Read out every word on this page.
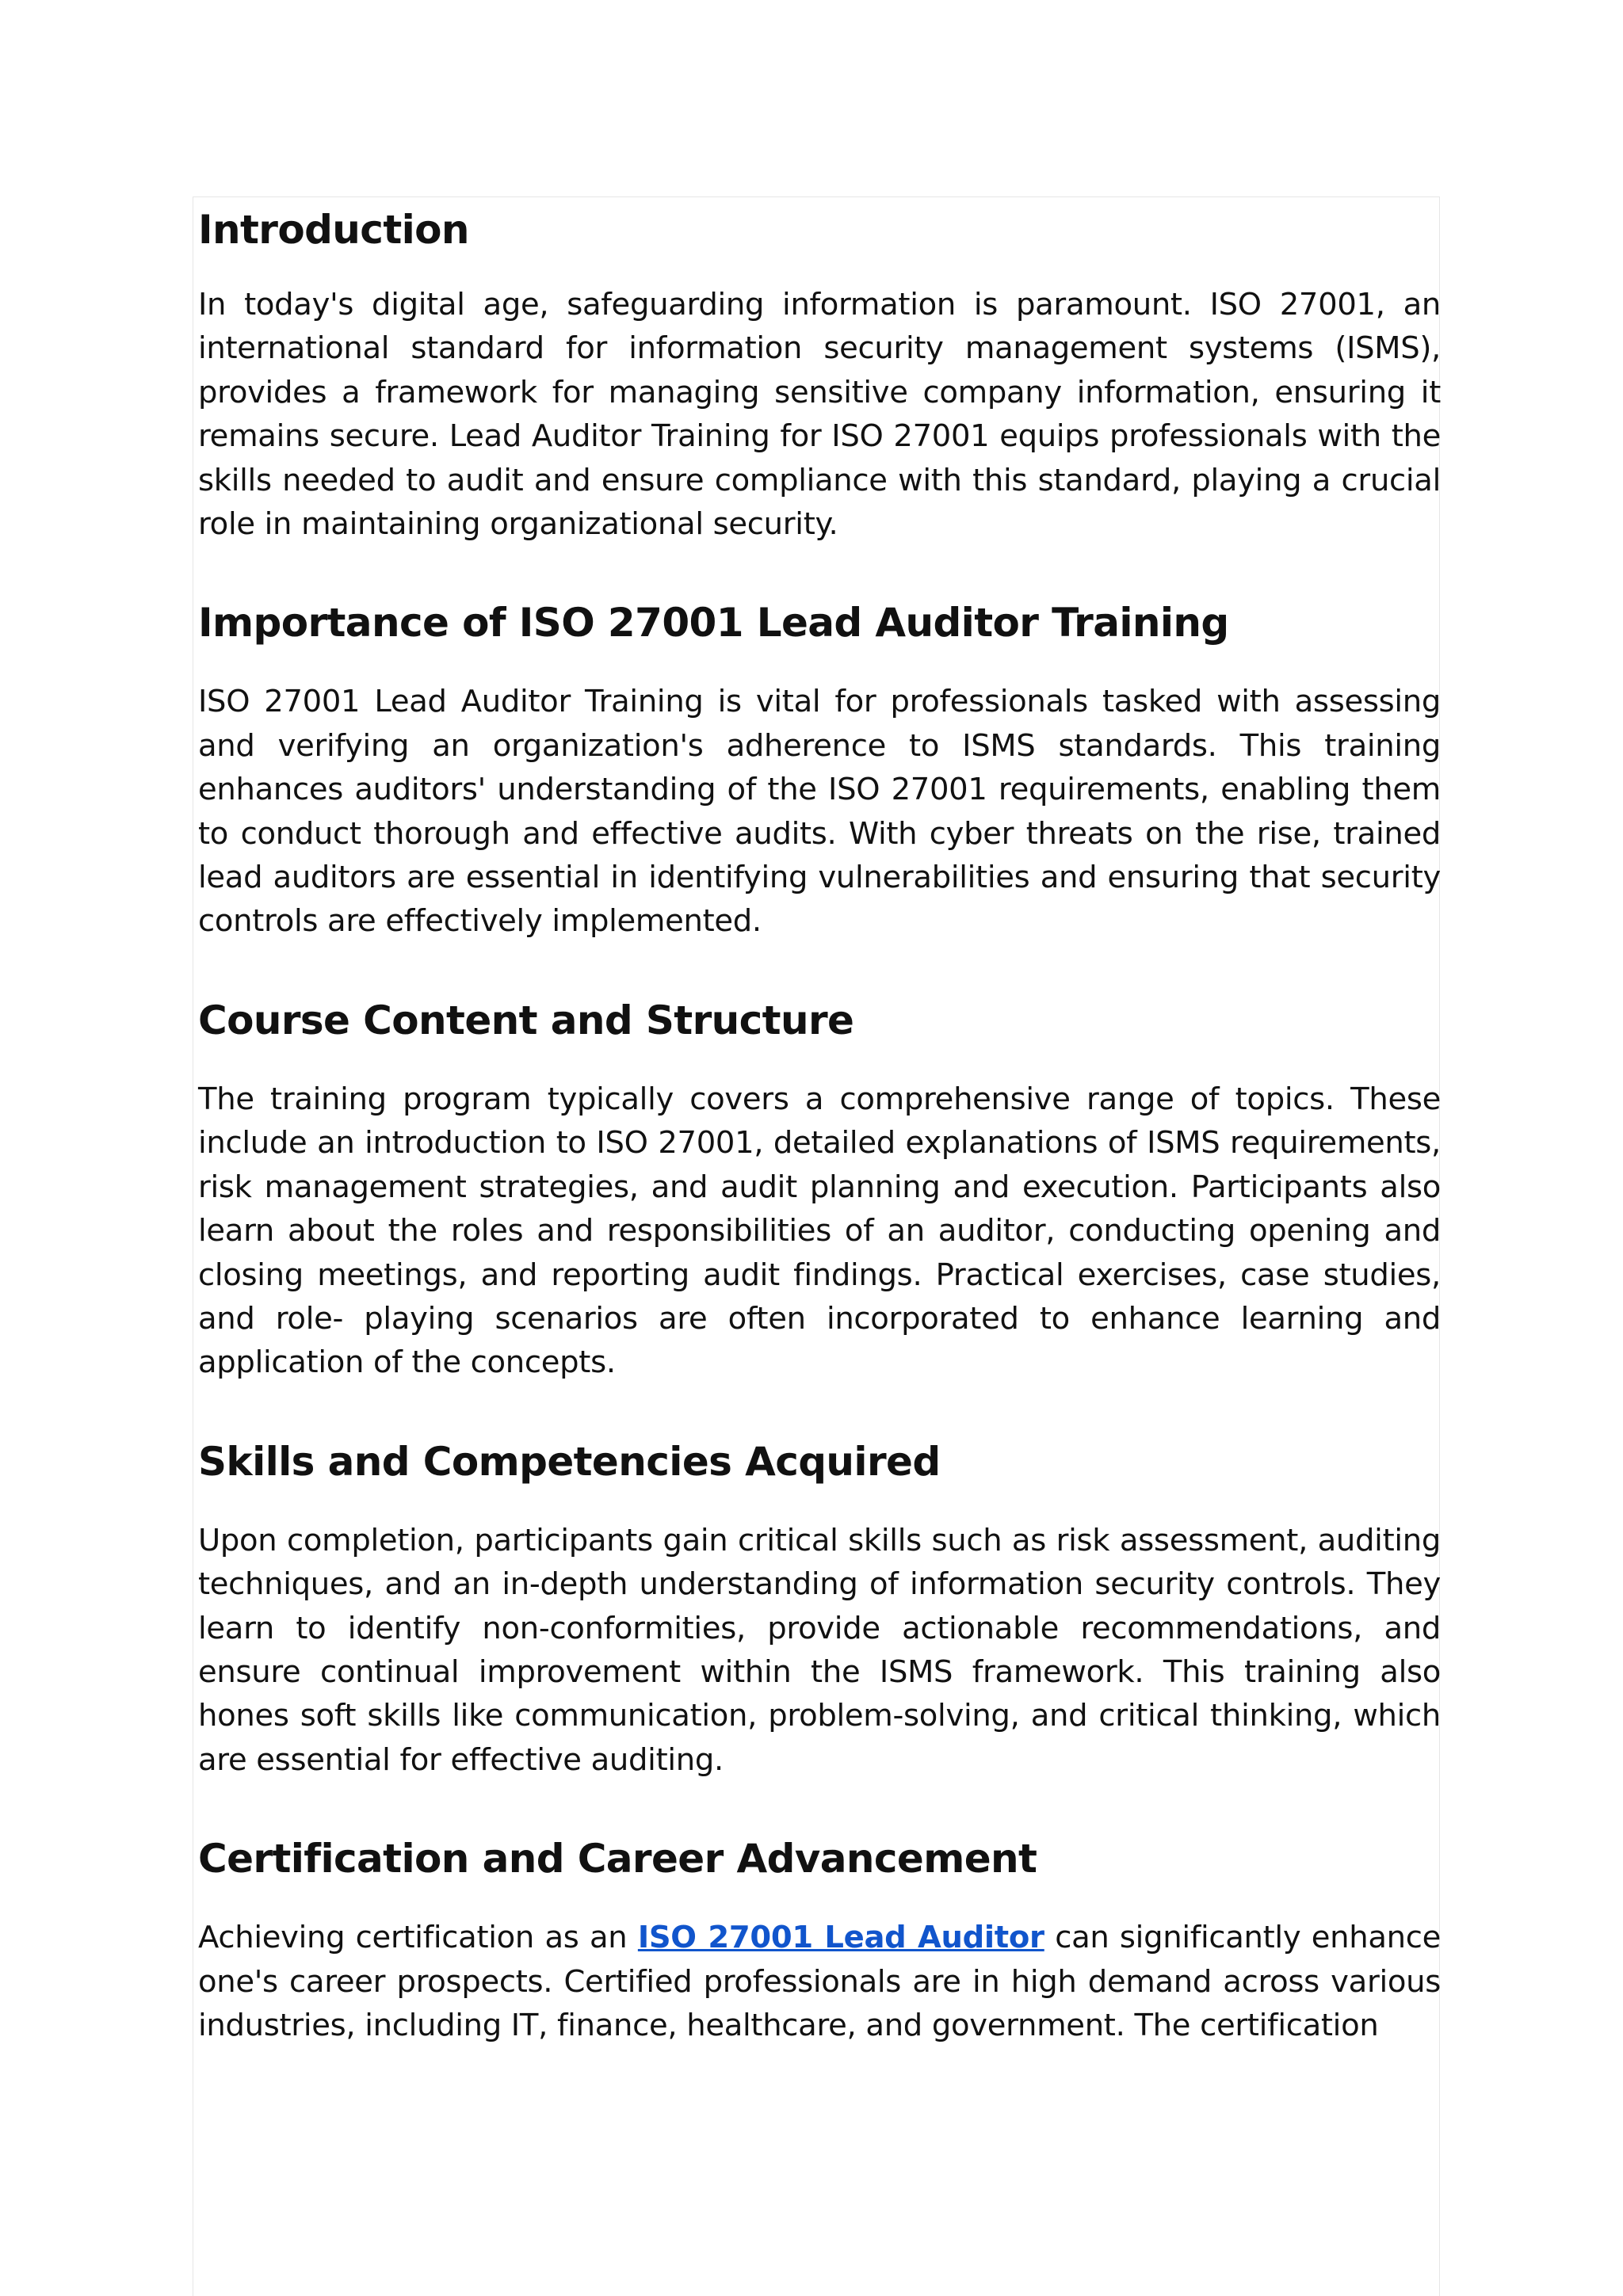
Introduction

In today's digital age, safeguarding information is paramount. ISO 27001, an international standard for information security management systems (ISMS), provides a framework for managing sensitive company information, ensuring it remains secure. Lead Auditor Training for ISO 27001 equips professionals with the skills needed to audit and ensure compliance with this standard, playing a crucial role in maintaining organizational security.

Importance of ISO 27001 Lead Auditor Training

ISO 27001 Lead Auditor Training is vital for professionals tasked with assessing and verifying an organization's adherence to ISMS standards. This training enhances auditors' understanding of the ISO 27001 requirements, enabling them to conduct thorough and effective audits. With cyber threats on the rise, trained lead auditors are essential in identifying vulnerabilities and ensuring that security controls are effectively implemented.

Course Content and Structure

The training program typically covers a comprehensive range of topics. These include an introduction to ISO 27001, detailed explanations of ISMS requirements, risk management strategies, and audit planning and execution. Participants also learn about the roles and responsibilities of an auditor, conducting opening and closing meetings, and reporting audit findings. Practical exercises, case studies, and role- playing scenarios are often incorporated to enhance learning and application of the concepts.

Skills and Competencies Acquired

Upon completion, participants gain critical skills such as risk assessment, auditing techniques, and an in-depth understanding of information security controls. They learn to identify non-conformities, provide actionable recommendations, and ensure continual improvement within the ISMS framework. This training also hones soft skills like communication, problem-solving, and critical thinking, which are essential for effective auditing.

Certification and Career Advancement

Achieving certification as an ISO 27001 Lead Auditor can significantly enhance one's career prospects. Certified professionals are in high demand across various industries, including IT, finance, healthcare, and government. The certification
